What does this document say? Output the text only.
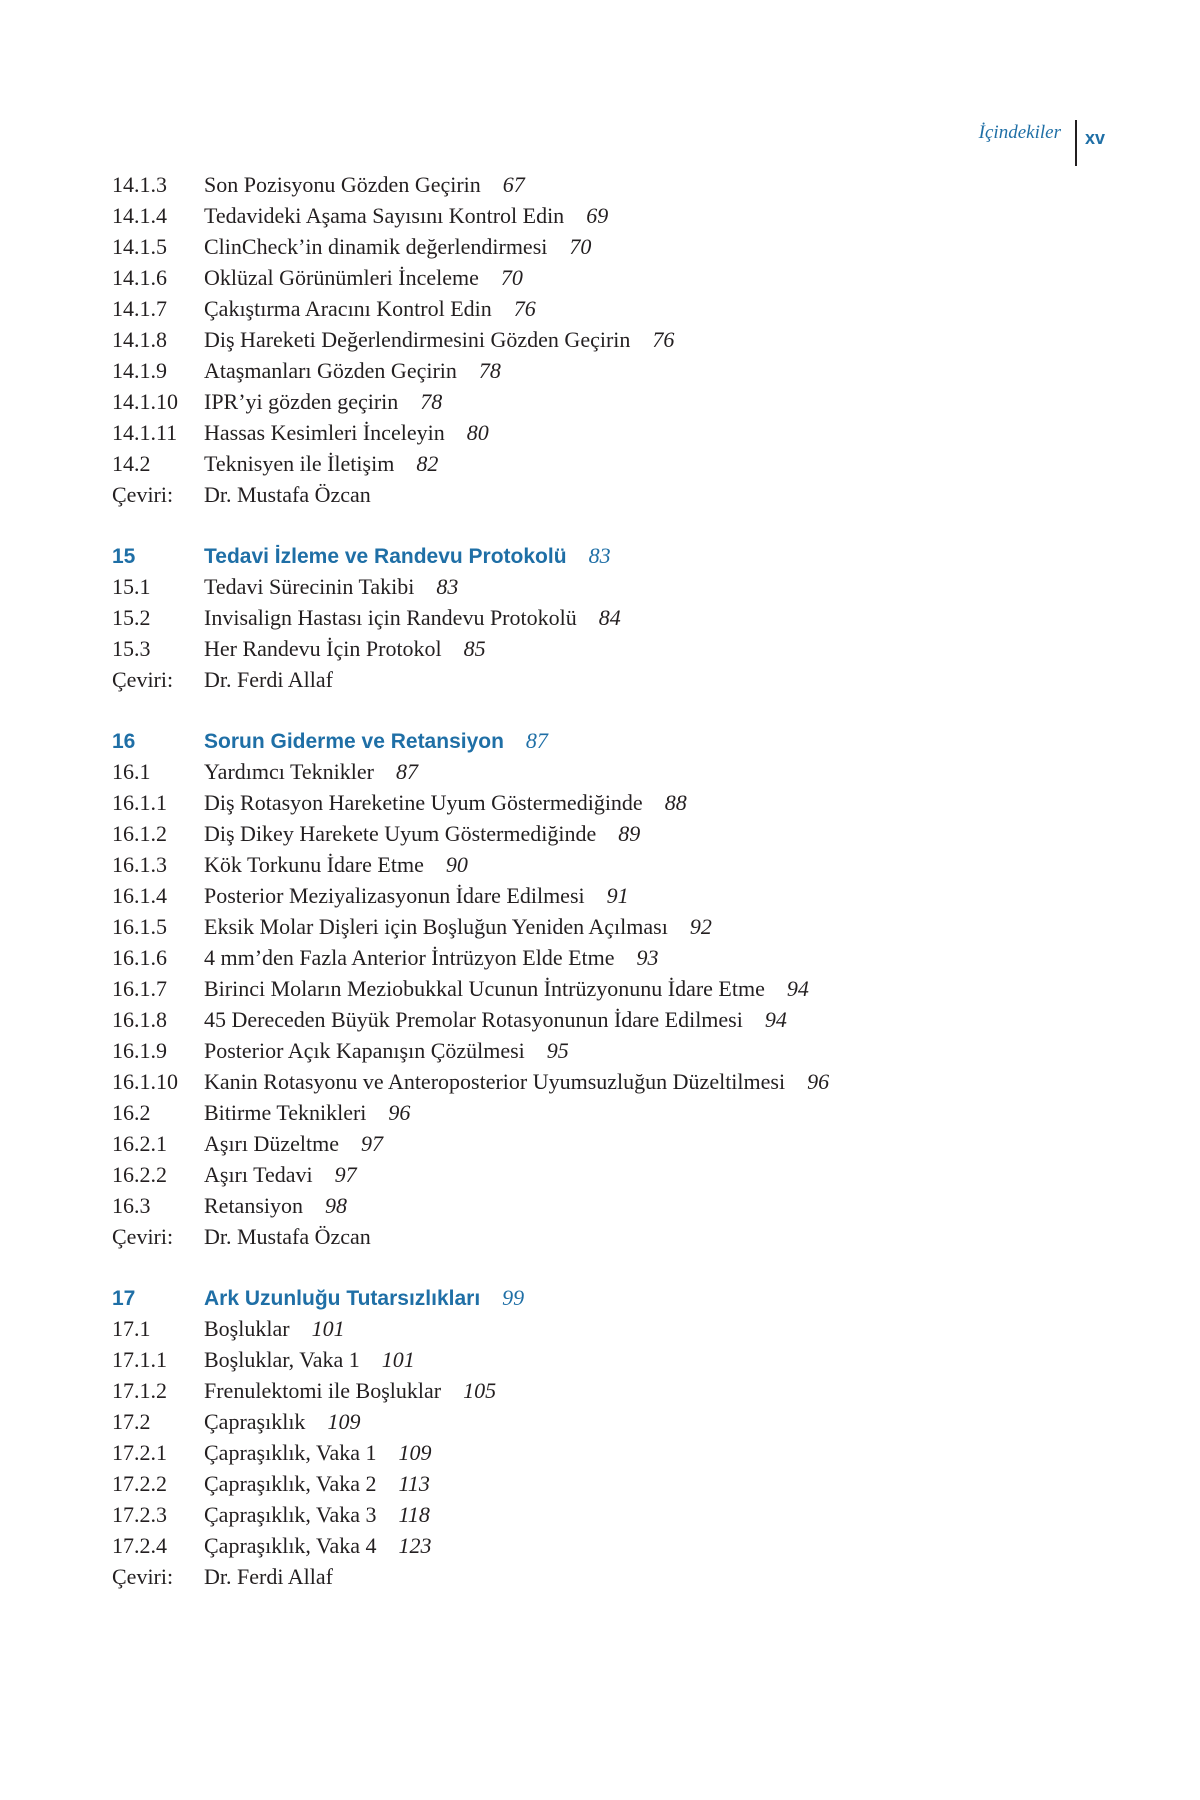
İçindekiler xv
14.1.3	Son Pozisyonu Gözden Geçirin 67
14.1.4	Tedavideki Aşama Sayısını Kontrol Edin 69
14.1.5	ClinCheck’in dinamik değerlendirmesi 70
14.1.6	Oklüzal Görünümleri İnceleme 70
14.1.7	Çakıştırma Aracını Kontrol Edin 76
14.1.8	Diş Hareketi Değerlendirmesini Gözden Geçirin 76
14.1.9	Ataşmanları Gözden Geçirin 78
14.1.10	IPR’yi gözden geçirin 78
14.1.11	Hassas Kesimleri İnceleyin 80
14.2	Teknisyen ile İletişim 82
Çeviri:	Dr. Mustafa Özcan
15	Tedavi İzleme ve Randevu Protokolü 83
15.1	Tedavi Sürecinin Takibi 83
15.2	Invisalign Hastası için Randevu Protokolü 84
15.3	Her Randevu İçin Protokol 85
Çeviri:	Dr. Ferdi Allaf
16	Sorun Giderme ve Retansiyon 87
16.1	Yardımcı Teknikler 87
16.1.1	Diş Rotasyon Hareketine Uyum Göstermediğinde 88
16.1.2	Diş Dikey Harekete Uyum Göstermediğinde 89
16.1.3	Kök Torkunu İdare Etme 90
16.1.4	Posterior Meziyalizasyonun İdare Edilmesi 91
16.1.5	Eksik Molar Dişleri için Boşluğun Yeniden Açılması 92
16.1.6	4 mm’den Fazla Anterior İntrüzyon Elde Etme 93
16.1.7	Birinci Moların Meziobukkal Ucunun İntrüzyonunu İdare Etme 94
16.1.8	45 Dereceden Büyük Premolar Rotasyonunun İdare Edilmesi 94
16.1.9	Posterior Açık Kapanışın Çözülmesi 95
16.1.10	Kanin Rotasyonu ve Anteroposterior Uyumsuzluğun Düzeltilmesi 96
16.2	Bitirme Teknikleri 96
16.2.1	Aşırı Düzeltme 97
16.2.2	Aşırı Tedavi 97
16.3	Retansiyon 98
Çeviri:	Dr. Mustafa Özcan
17	Ark Uzunluğu Tutarsızlıkları 99
17.1	Boşluklar 101
17.1.1	Boşluklar, Vaka 1 101
17.1.2	Frenulektomi ile Boşluklar 105
17.2	Çapraşıklık 109
17.2.1	Çapraşıklık, Vaka 1 109
17.2.2	Çapraşıklık, Vaka 2 113
17.2.3	Çapraşıklık, Vaka 3 118
17.2.4	Çapraşıklık, Vaka 4 123
Çeviri:	Dr. Ferdi Allaf
